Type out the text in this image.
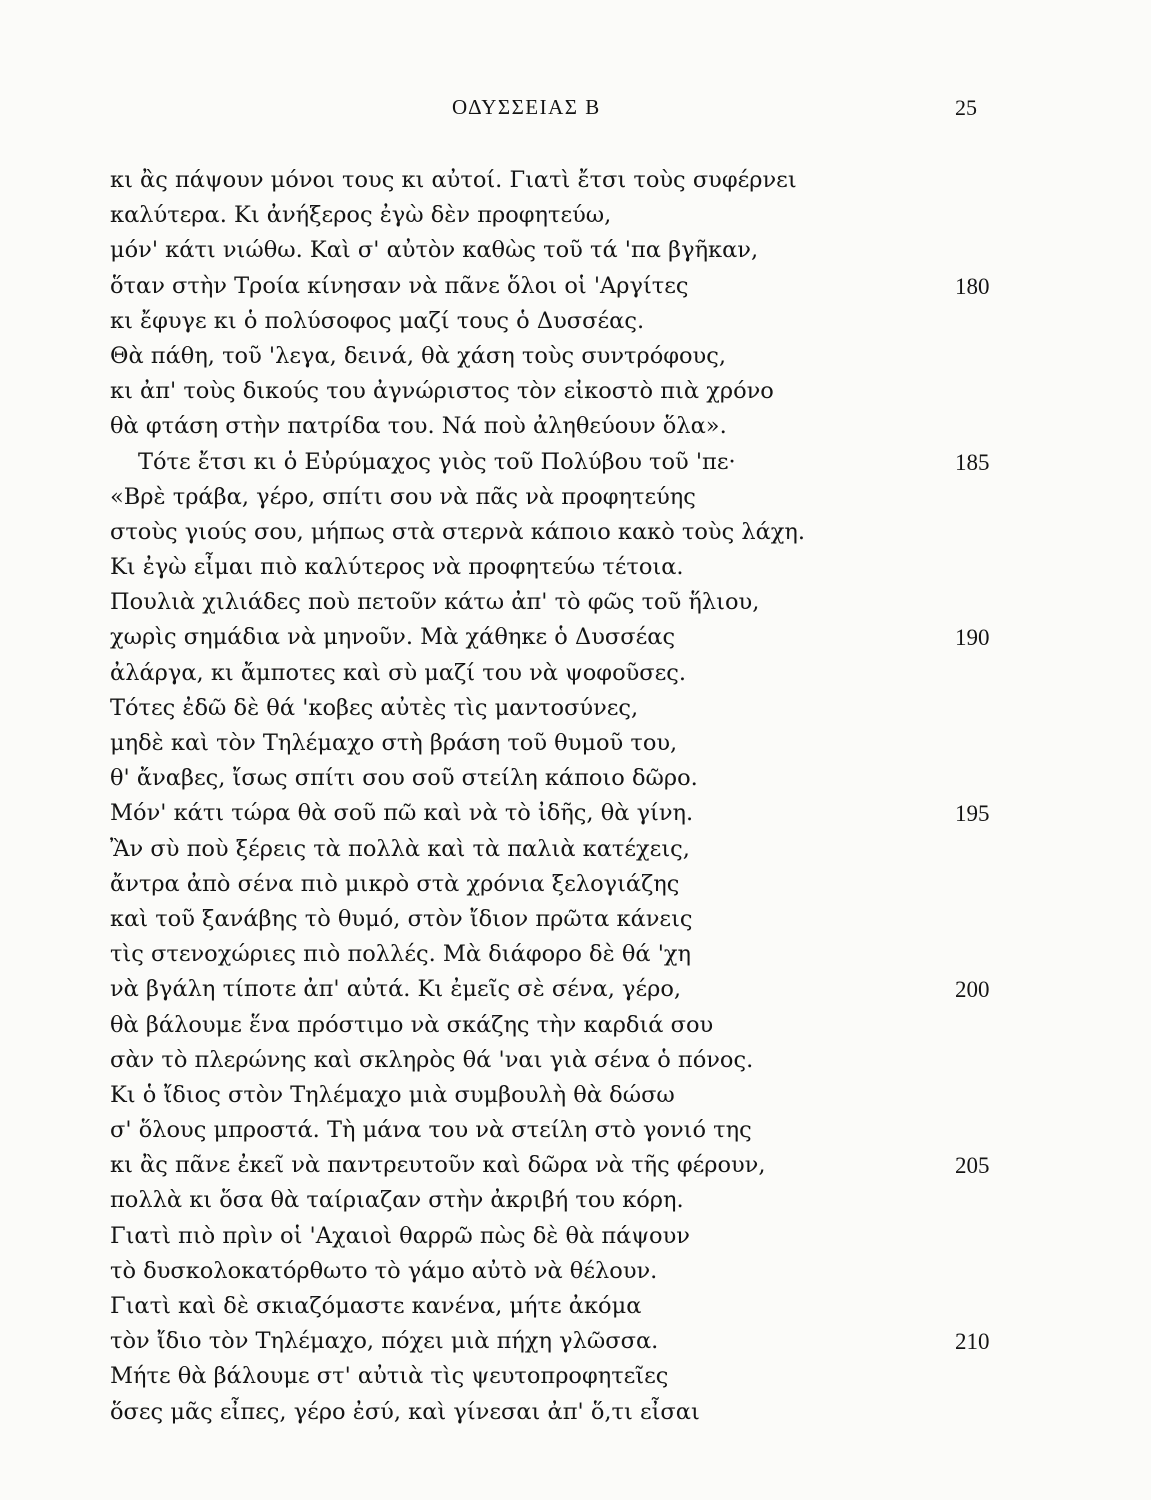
ΟΔΥΣΣΕΙΑΣ Β	25
κι ἂς πάψουν μόνοι τους κι αὐτοί. Γιατὶ ἔτσι τοὺς συφέρνει
καλύτερα. Κι ἀνήξερος ἐγὼ δὲν προφητεύω,
μόν' κάτι νιώθω. Καὶ σ' αὐτὸν καθὼς τοῦ τά 'πα βγῆκαν,
ὅταν στὴν Τροία κίνησαν νὰ πᾶνε ὅλοι οἱ 'Αργίτες	180
κι ἔφυγε κι ὁ πολύσοφος μαζί τους ὁ Δυσσέας.
Θὰ πάθη, τοῦ 'λεγα, δεινά, θὰ χάση τοὺς συντρόφους,
κι ἀπ' τοὺς δικούς του ἀγνώριστος τὸν εἰκοστὸ πιὰ χρόνο
θὰ φτάση στὴν πατρίδα του. Νά ποὺ ἀληθεύουν ὅλα».
Τότε ἔτσι κι ὁ Εὐρύμαχος γιὸς τοῦ Πολύβου τοῦ 'πε·	185
«Βρὲ τράβα, γέρο, σπίτι σου νὰ πᾶς νὰ προφητεύης
στοὺς γιούς σου, μήπως στὰ στερνὰ κάποιο κακὸ τοὺς λάχη.
Κι ἐγὼ εἶμαι πιὸ καλύτερος νὰ προφητεύω τέτοια.
Πουλιὰ χιλιάδες ποὺ πετοῦν κάτω ἀπ' τὸ φῶς τοῦ ἥλιου,
χωρὶς σημάδια νὰ μηνοῦν. Μὰ χάθηκε ὁ Δυσσέας	190
ἀλάργα, κι ἄμποτες καὶ σὺ μαζί του νὰ ψοφοῦσες.
Τότες ἐδῶ δὲ θά 'κοβες αὐτὲς τὶς μαντοσύνες,
μηδὲ καὶ τὸν Τηλέμαχο στὴ βράση τοῦ θυμοῦ του,
θ' ἄναβες, ἴσως σπίτι σου σοῦ στείλη κάποιο δῶρο.
Μόν' κάτι τώρα θὰ σοῦ πῶ καὶ νὰ τὸ ἰδῆς, θὰ γίνη.	195
Ἂν σὺ ποὺ ξέρεις τὰ πολλὰ καὶ τὰ παλιὰ κατέχεις,
ἄντρα ἀπὸ σένα πιὸ μικρὸ στὰ χρόνια ξελογιάζης
καὶ τοῦ ξανάβης τὸ θυμό, στὸν ἴδιον πρῶτα κάνεις
τὶς στενοχώριες πιὸ πολλές. Μὰ διάφορο δὲ θά 'χη
νὰ βγάλη τίποτε ἀπ' αὐτά. Κι ἐμεῖς σὲ σένα, γέρο,	200
θὰ βάλουμε ἕνα πρόστιμο νὰ σκάζης τὴν καρδιά σου
σὰν τὸ πλερώνης καὶ σκληρὸς θά 'ναι γιὰ σένα ὁ πόνος.
Κι ὁ ἴδιος στὸν Τηλέμαχο μιὰ συμβουλὴ θὰ δώσω
σ' ὅλους μπροστά. Τὴ μάνα του νὰ στείλη στὸ γονιό της
κι ἂς πᾶνε ἐκεῖ νὰ παντρευτοῦν καὶ δῶρα νὰ τῆς φέρουν,	205
πολλὰ κι ὅσα θὰ ταίριαζαν στὴν ἀκριβή του κόρη.
Γιατὶ πιὸ πρὶν οἱ 'Αχαιοὶ θαρρῶ πὼς δὲ θὰ πάψουν
τὸ δυσκολοκατόρθωτο τὸ γάμο αὐτὸ νὰ θέλουν.
Γιατὶ καὶ δὲ σκιαζόμαστε κανένα, μήτε ἀκόμα
τὸν ἴδιο τὸν Τηλέμαχο, πόχει μιὰ πήχη γλῶσσα.	210
Μήτε θὰ βάλουμε στ' αὐτιὰ τὶς ψευτοπροφητεῖες
ὅσες μᾶς εἶπες, γέρο ἐσύ, καὶ γίνεσαι ἀπ' ὅ,τι εἶσαι
